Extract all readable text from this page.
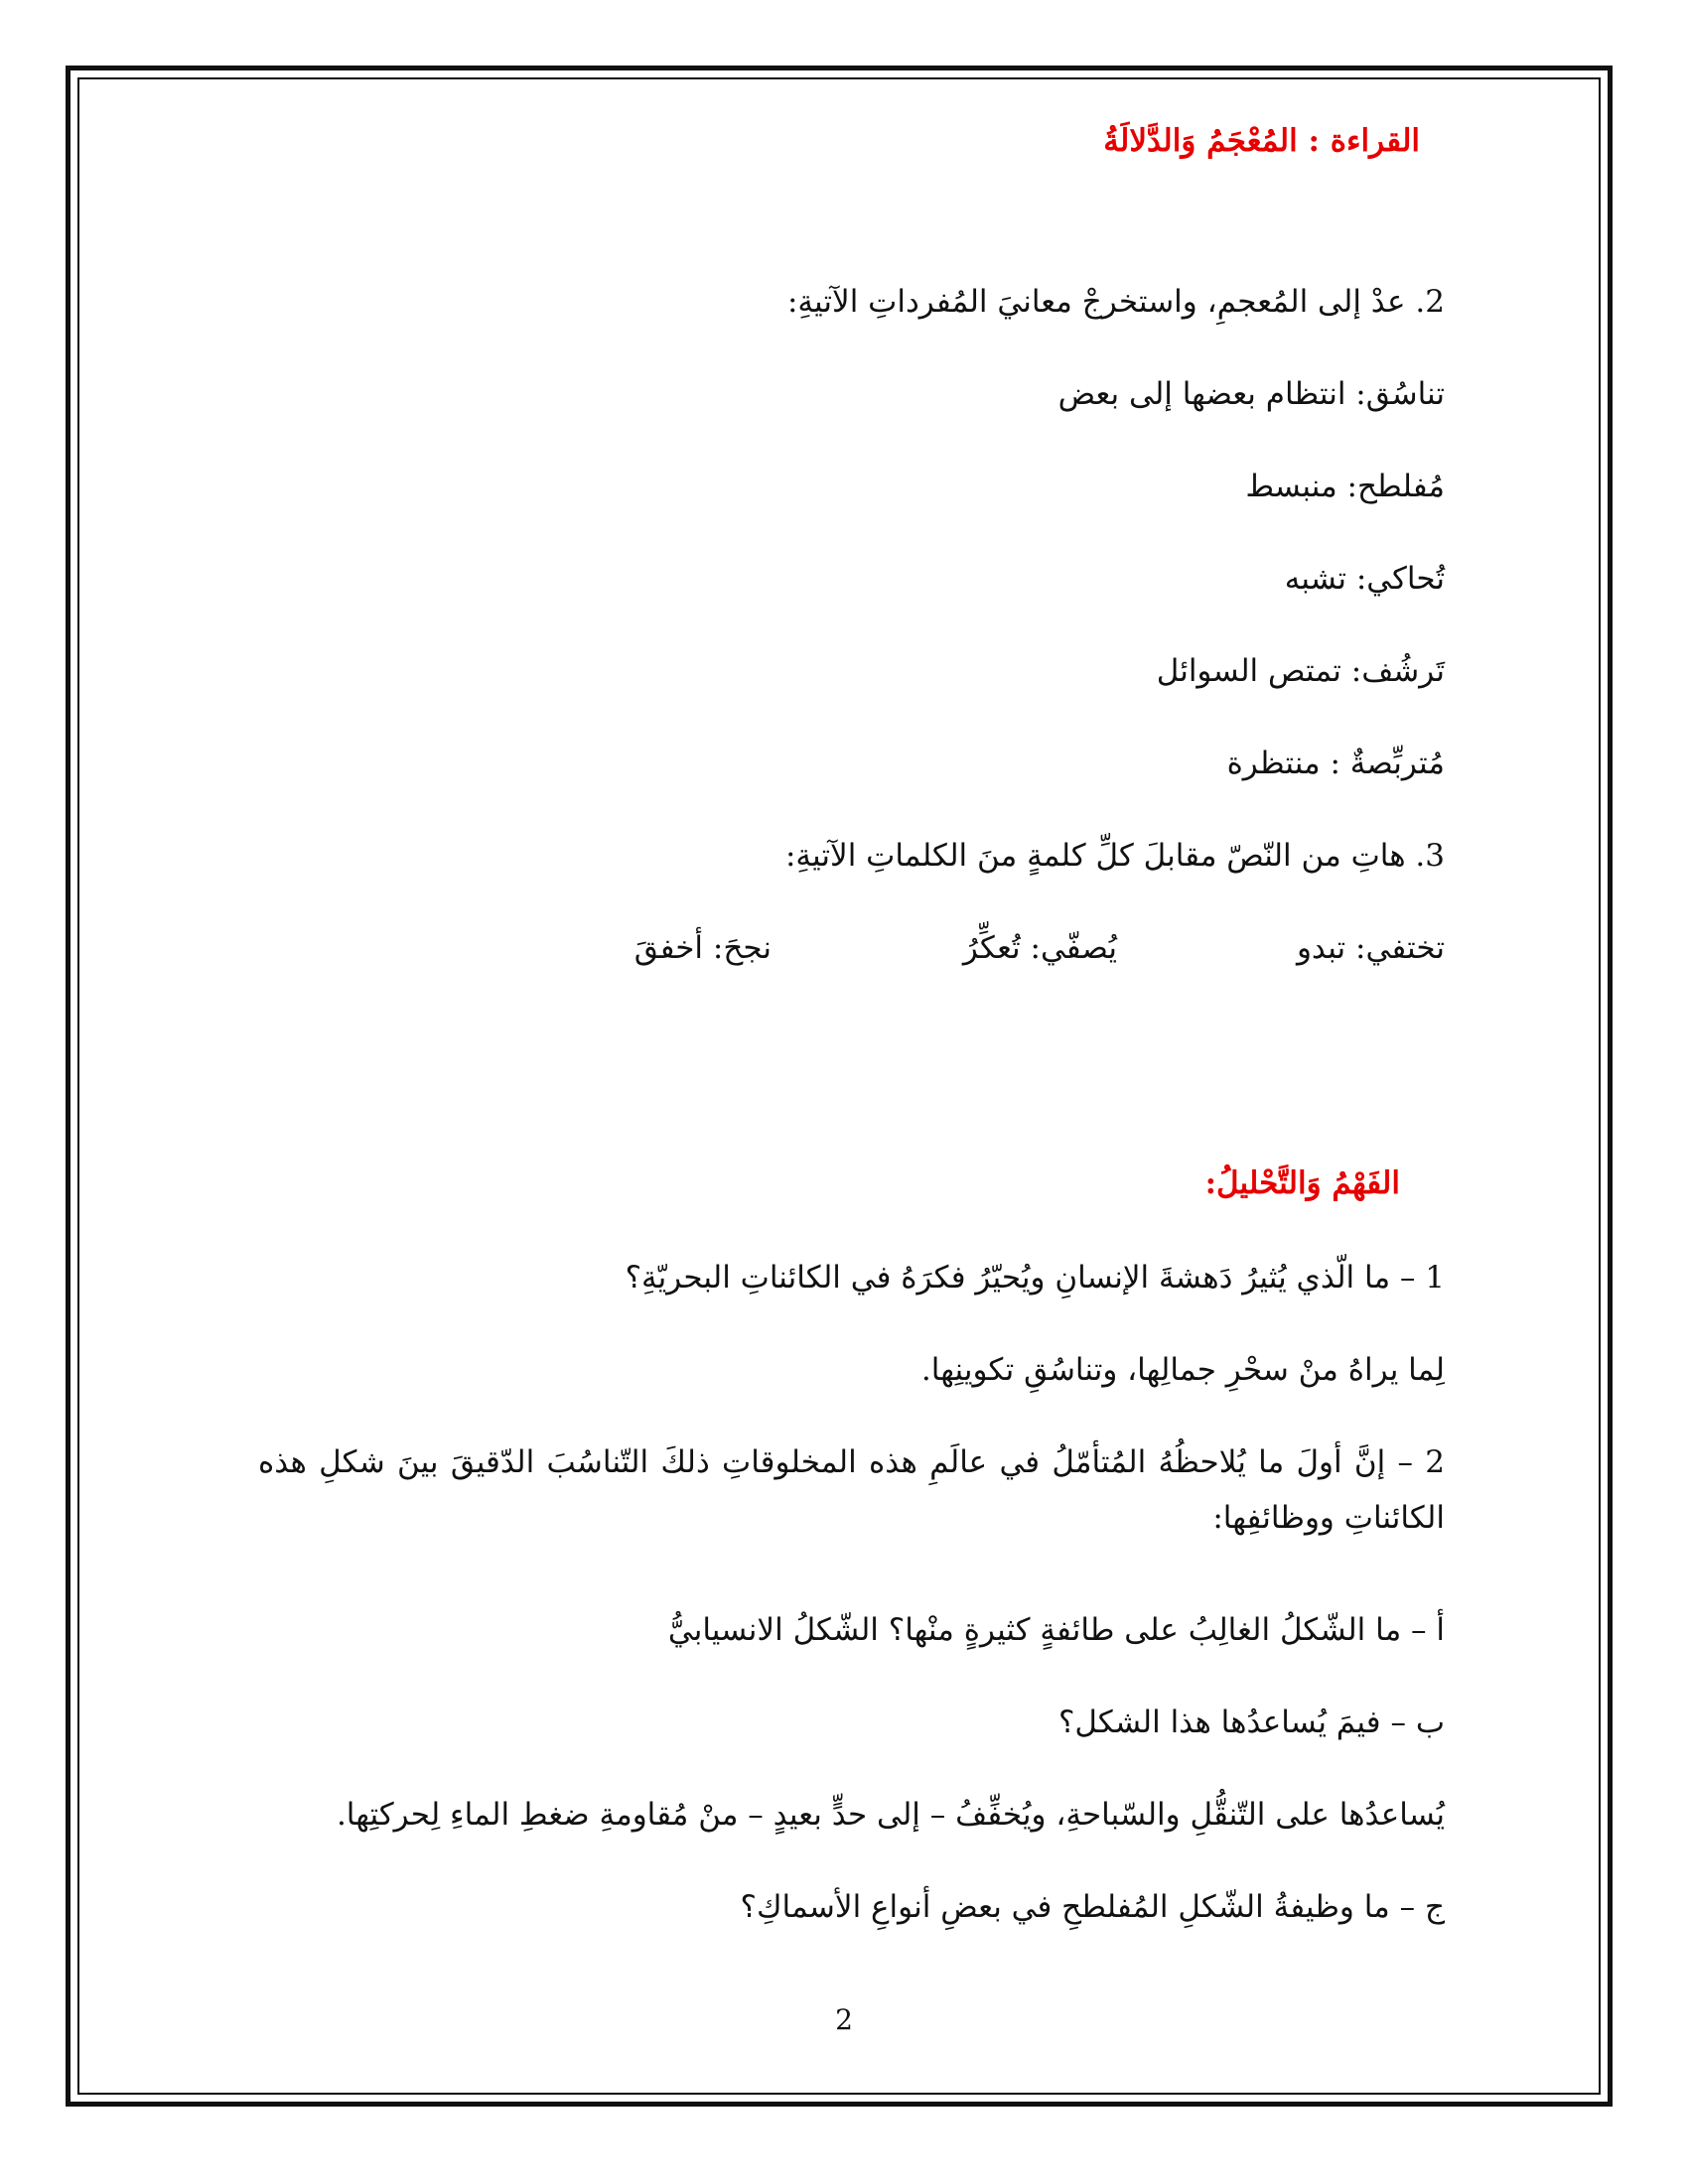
القراءة : المُعْجَمُ وَالدَّلالَةُ
2. عدْ إلى المُعجمِ، واستخرجْ معانيَ المُفرداتِ الآتيةِ:
تناسُق: انتظام بعضها إلى بعض
مُفلطح: منبسط
تُحاكي: تشبه
تَرشُف: تمتص السوائل
مُتربِّصةٌ : منتظرة
3. هاتِ من النّصّ مقابلَ كلِّ كلمةٍ منَ الكلماتِ الآتيةِ:
تختفي: تبدو
يُصفّي: تُعكِّرُ
نجحَ: أخفقَ
الفَهْمُ وَالتَّحْليلُ:
1 – ما الّذي يُثيرُ دَهشةَ الإنسانِ ويُحيّرُ فكرَهُ في الكائناتِ البحريّةِ؟
لِما يراهُ منْ سحْرِ جمالِها، وتناسُقِ تكوينِها.
2 – إنَّ أولَ ما يُلاحظُهُ المُتأمّلُ في عالَمِ هذه المخلوقاتِ ذلكَ التّناسُبَ الدّقيقَ بينَ شكلِ هذه الكائناتِ ووظائفِها:
أ – ما الشّكلُ الغالِبُ على طائفةٍ كثيرةٍ منْها؟ الشّكلُ الانسيابيُّ
ب – فيمَ يُساعدُها هذا الشكل؟
يُساعدُها على التّنقُّلِ والسّباحةِ، ويُخفِّفُ – إلى حدٍّ بعيدٍ – منْ مُقاومةِ ضغطِ الماءِ لِحركتِها.
ج – ما وظيفةُ الشّكلِ المُفلطحِ في بعضِ أنواعِ الأسماكِ؟
2
